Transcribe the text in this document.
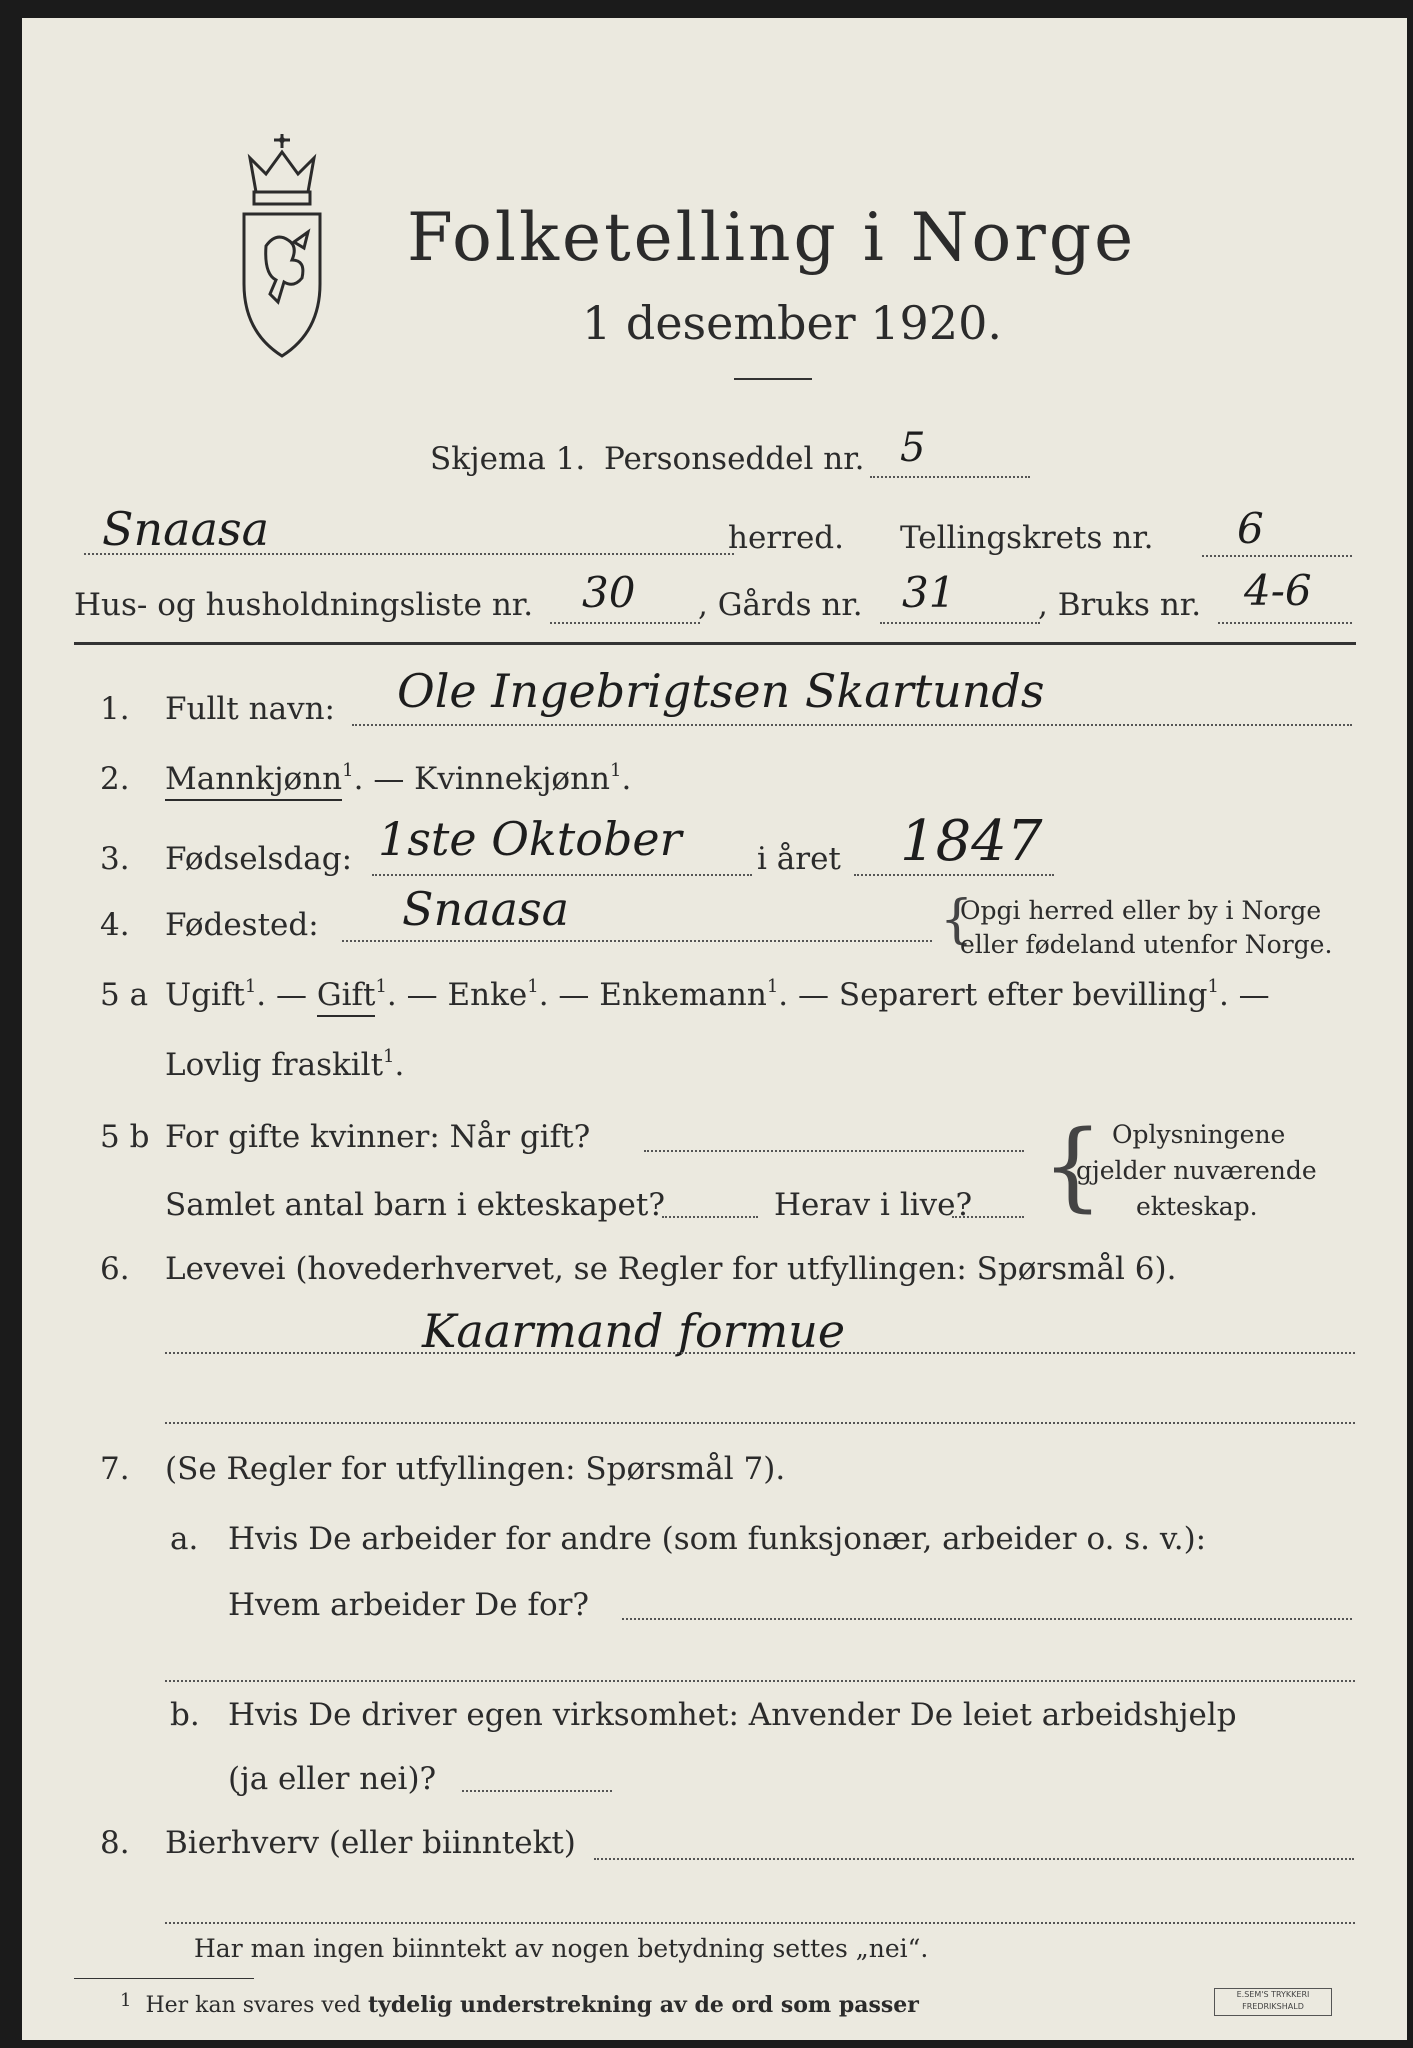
Folketelling i Norge
1 desember 1920.
Skjema 1. Personseddel nr. 5
Snaasa	herred. Tellingskrets nr. 6
Hus- og husholdningsliste nr. 30 , Gårds nr. 31	, Bruks nr. 4-6
1. Fullt navn: Ole Ingebrigtsen Skartunds
2. Mannkjønn$^1$. — Kvinnekjønn$^1$.
3. Fødselsdag: 1ste Oktober i året 1847
4. Fødested: Snaasa	{
Opgi herred eller by i Norge
eller fødeland utenfor Norge.
5 a Ugift$^1$. — Gift$^1$. — Enke$^1$. — Enkemann$^1$. — Separert efter bevilling$^1$. —
Lovlig fraskilt$^1$.
5 b For gifte kvinner: Når gift?
Samlet antal barn i ekteskapet?	Herav i live? { Oplysningene
gjelder nuværende
ekteskap.
6. Levevei (hovederhvervet, se Regler for utfyllingen: Spørsmål 6).
Kaarmand formue
7. (Se Regler for utfyllingen: Spørsmål 7).
a. Hvis De arbeider for andre (som funksjonær, arbeider o. s. v.):
Hvem arbeider De for?
b. Hvis De driver egen virksomhet: Anvender De leiet arbeidshjelp
(ja eller nei)?
8. Bierhverv (eller biinntekt)
Har man ingen biinntekt av nogen betydning settes „nei“.
$^1$ Her kan svares ved tydelig understrekning av de ord som passer	E.SEM'S TRYKKERI FREDRIKSHALD
